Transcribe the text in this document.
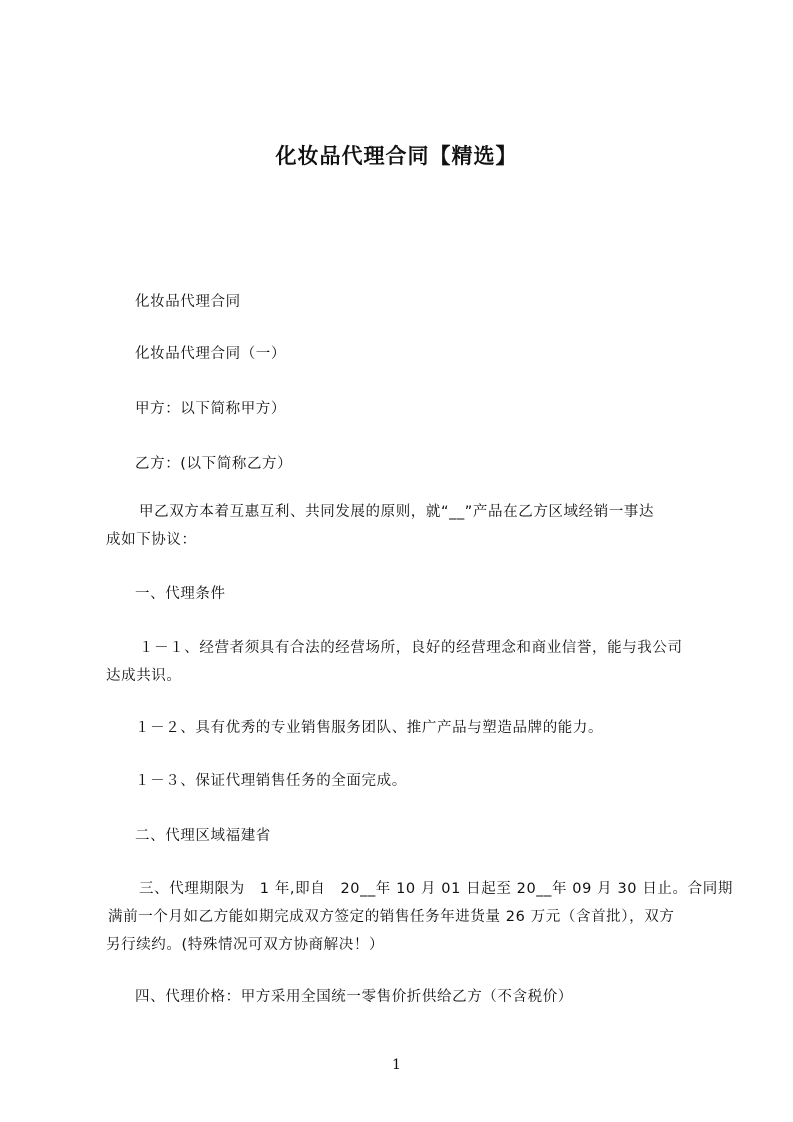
化妆品代理合同【精选】
化妆品代理合同
化妆品代理合同（一）
甲方：以下简称甲方）
乙方：(以下简称乙方）
甲乙双方本着互惠互利、共同发展的原则，就“__”产品在乙方区域经销一事达
成如下协议：
一、代理条件
１－１、经营者须具有合法的经营场所，良好的经营理念和商业信誉，能与我公司
达成共识。
１－２、具有优秀的专业销售服务团队、推广产品与塑造品牌的能力。
１－３、保证代理销售任务的全面完成。
二、代理区域福建省
三、代理期限为　1 年,即自　20__年 10 月 01 日起至 20__年 09 月 30 日止。合同期
满前一个月如乙方能如期完成双方签定的销售任务年进货量 26 万元（含首批），双方
另行续约。(特殊情况可双方协商解决！）
四、代理价格：甲方采用全国统一零售价折供给乙方（不含税价）
1
